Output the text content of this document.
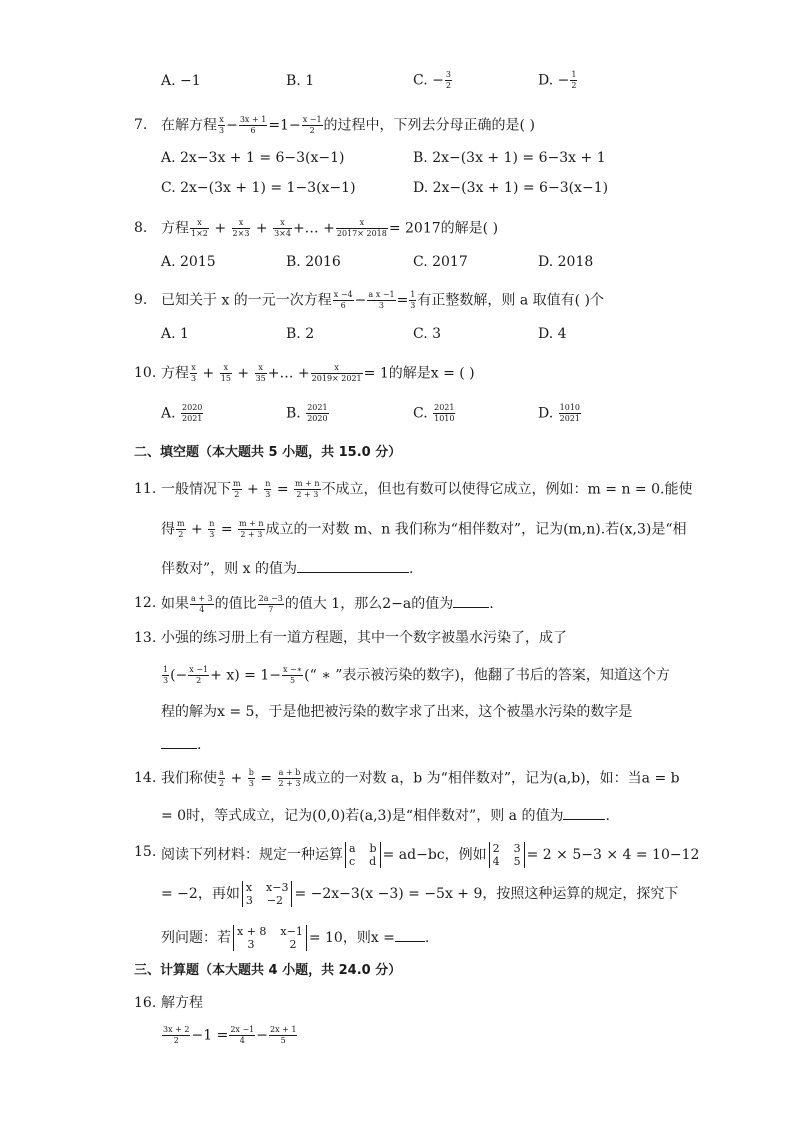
A. −1	B. 1	C. − $\frac{3}{2}$	D. − $\frac{1}{2}$
7. 在解方程 $\frac{x}{3} - \frac{3x + 1}{6} =1- \frac{x -1}{2}$ 的过程中，下列去分母正确的是( )
A. 2x−3x + 1 = 6−3(x−1)	B. 2x−(3x + 1) = 6−3x + 1
C. 2x−(3x + 1) = 1−3(x−1)	D. 2x−(3x + 1) = 6−3(x−1)
8. 方程 $\frac{x}{1\times 2} + \frac{x}{2\times 3} + \frac{x}{3\times 4}$ +… + $\frac{x}{2017\times 2018} = 2017$的解是( )
A. 2015	B. 2016	C. 2017	D. 2018
9. 已知关于 x 的一元一次方程 $\frac{x -4}{6} - \frac{\text{a x −1}}{3} = \frac{1}{3}$ 有正整数解，则 a 取值有( )个
A. 1	B. 2	C. 3	D. 4
10. 方程 $\frac{x}{3} + \frac{x}{15} + \frac{x}{35}$ +… + $\frac{x}{2019\times 2021} = 1$的解是x = ( )
A. $\frac{2020}{2021}$	B. $\frac{2021}{2020}$	C. $\frac{2021}{1010}$	D. $\frac{1010}{2021}$
二、填空题（本大题共 5 小题，共 15.0 分）
11. 一般情况下 $\frac{m}{2} + \frac{n}{3} = \frac{m + n}{2 + 3}$ 不成立，但也有数可以使得它成立，例如：m = n = 0.能使
得 $\frac{m}{2} + \frac{n}{3} = \frac{m + n}{2 + 3}$ 成立的一对数 m、n 我们称为“相伴数对”，记为(m,n).若(x,3)是“相
伴数对”，则 x 的值为	.
12. 如果 $\frac{a + 3}{4}$ 的值比 $\frac{2a -3}{7}$ 的值大 1，那么2−a的值为	.
13. 小强的练习册上有一道方程题，其中一个数字被墨水污染了，成了
$\frac{1}{3}$ (− $\frac{x -1}{2} + x) = 1- \frac{x -∗}{5}$ (“ ∗ ”表示被污染的数字)，他翻了书后的答案，知道这个方
程的解为x = 5，于是他把被污染的数字求了出来，这个被墨水污染的数字是
.
14. 我们称使 $\frac{a}{2} + \frac{b}{3} = \frac{a + b}{2 + 3}$ 成立的一对数 a，b 为“相伴数对”，记为(a,b)，如：当a = b
= 0时，等式成立，记为(0,0)若(a,3)是“相伴数对”，则 a 的值为	.
15. 阅读下列材料：规定一种运算 a    b
c    d = ad−bc，例如 2    3
4    5 = 2 × 5−3 × 4 = 10−12
= −2，再如 x    x−3
3    −2 = −2x−3(x −3) = −5x + 9，按照这种运算的规定，探究下
列问题：若 x + 8    x−1
3          2 = 10，则x = .
三、计算题（本大题共 4 小题，共 24.0 分）
16. 解方程
$\frac{3x + 2}{2} -1 = \frac{2x -1}{4} - \frac{2x + 1}{5}$
